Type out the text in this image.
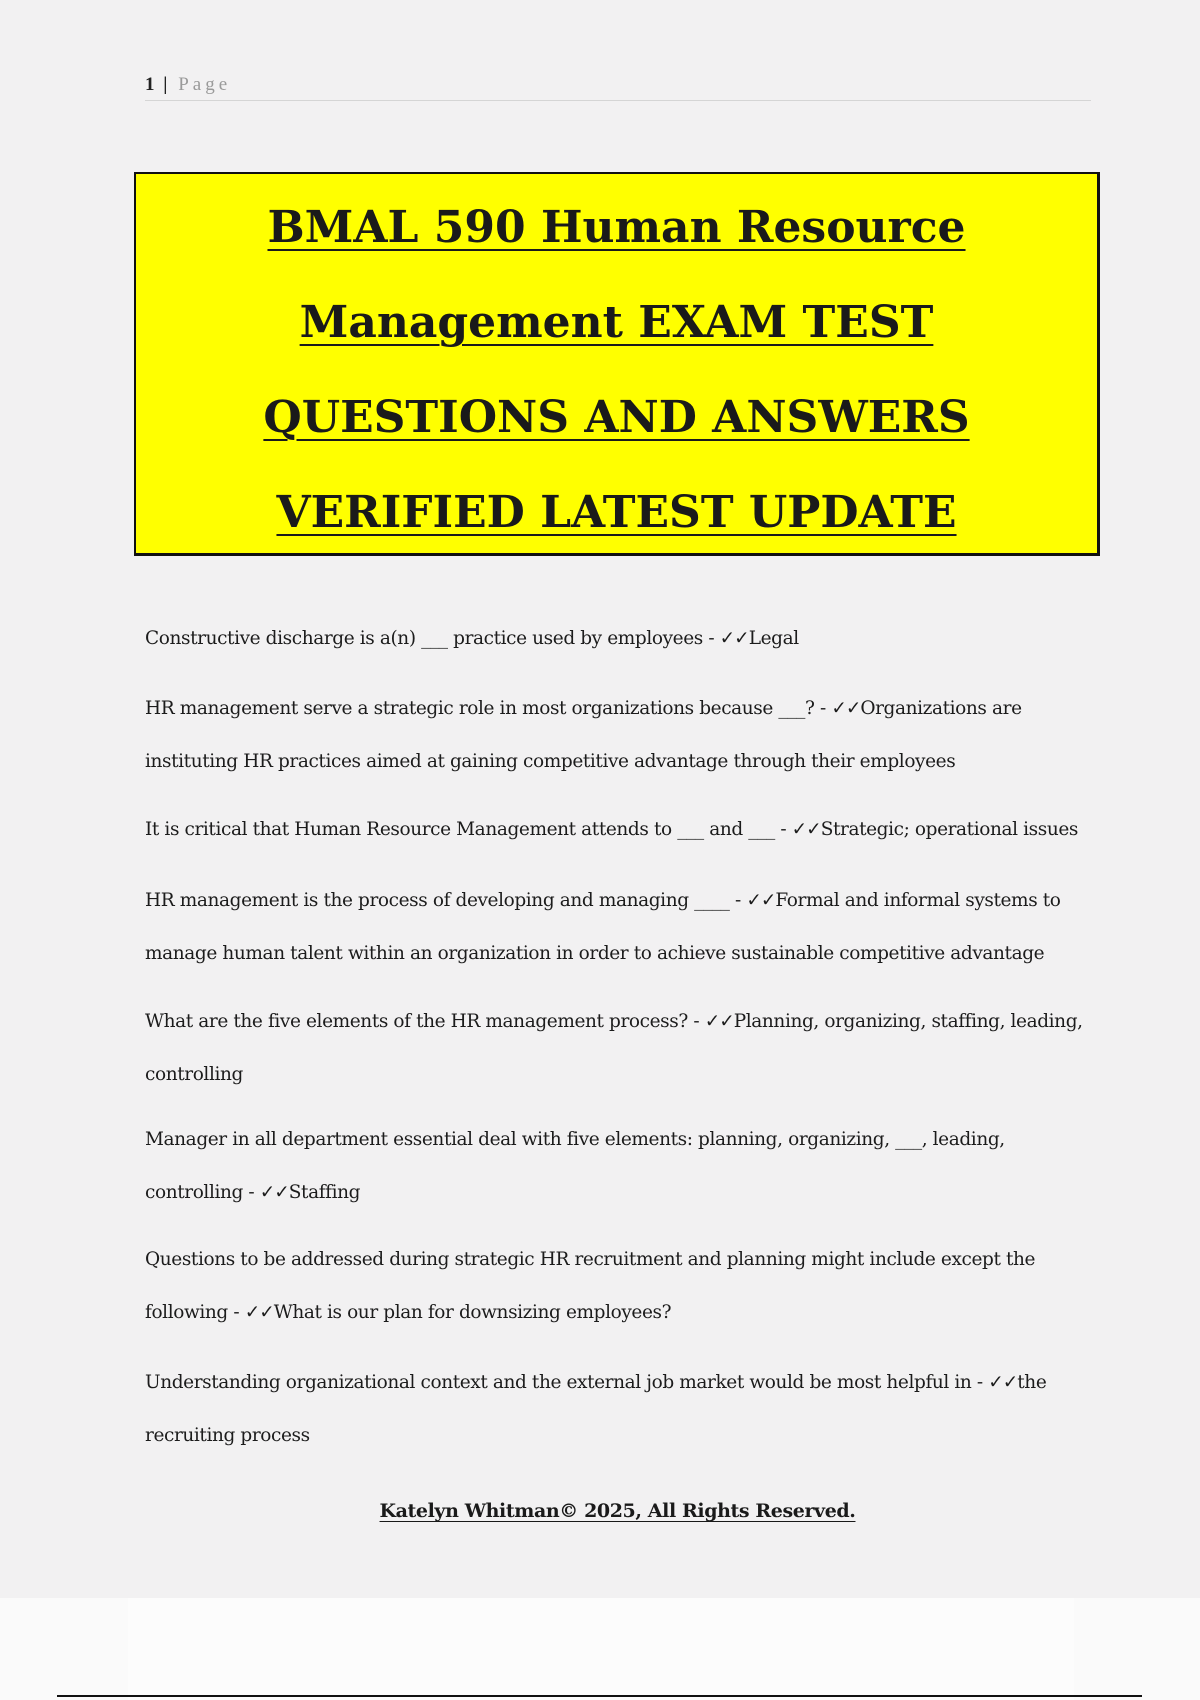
1 | Page
BMAL 590 Human Resource
Management EXAM TEST
QUESTIONS AND ANSWERS
VERIFIED LATEST UPDATE
Constructive discharge is a(n) ___ practice used by employees - ✓✓Legal
HR management serve a strategic role in most organizations because ___? - ✓✓Organizations are instituting HR practices aimed at gaining competitive advantage through their employees
It is critical that Human Resource Management attends to ___ and ___ - ✓✓Strategic; operational issues
HR management is the process of developing and managing ____ - ✓✓Formal and informal systems to manage human talent within an organization in order to achieve sustainable competitive advantage
What are the five elements of the HR management process? - ✓✓Planning, organizing, staffing, leading, controlling
Manager in all department essential deal with five elements: planning, organizing, ___, leading, controlling - ✓✓Staffing
Questions to be addressed during strategic HR recruitment and planning might include except the following - ✓✓What is our plan for downsizing employees?
Understanding organizational context and the external job market would be most helpful in - ✓✓the recruiting process
Katelyn Whitman© 2025, All Rights Reserved.
